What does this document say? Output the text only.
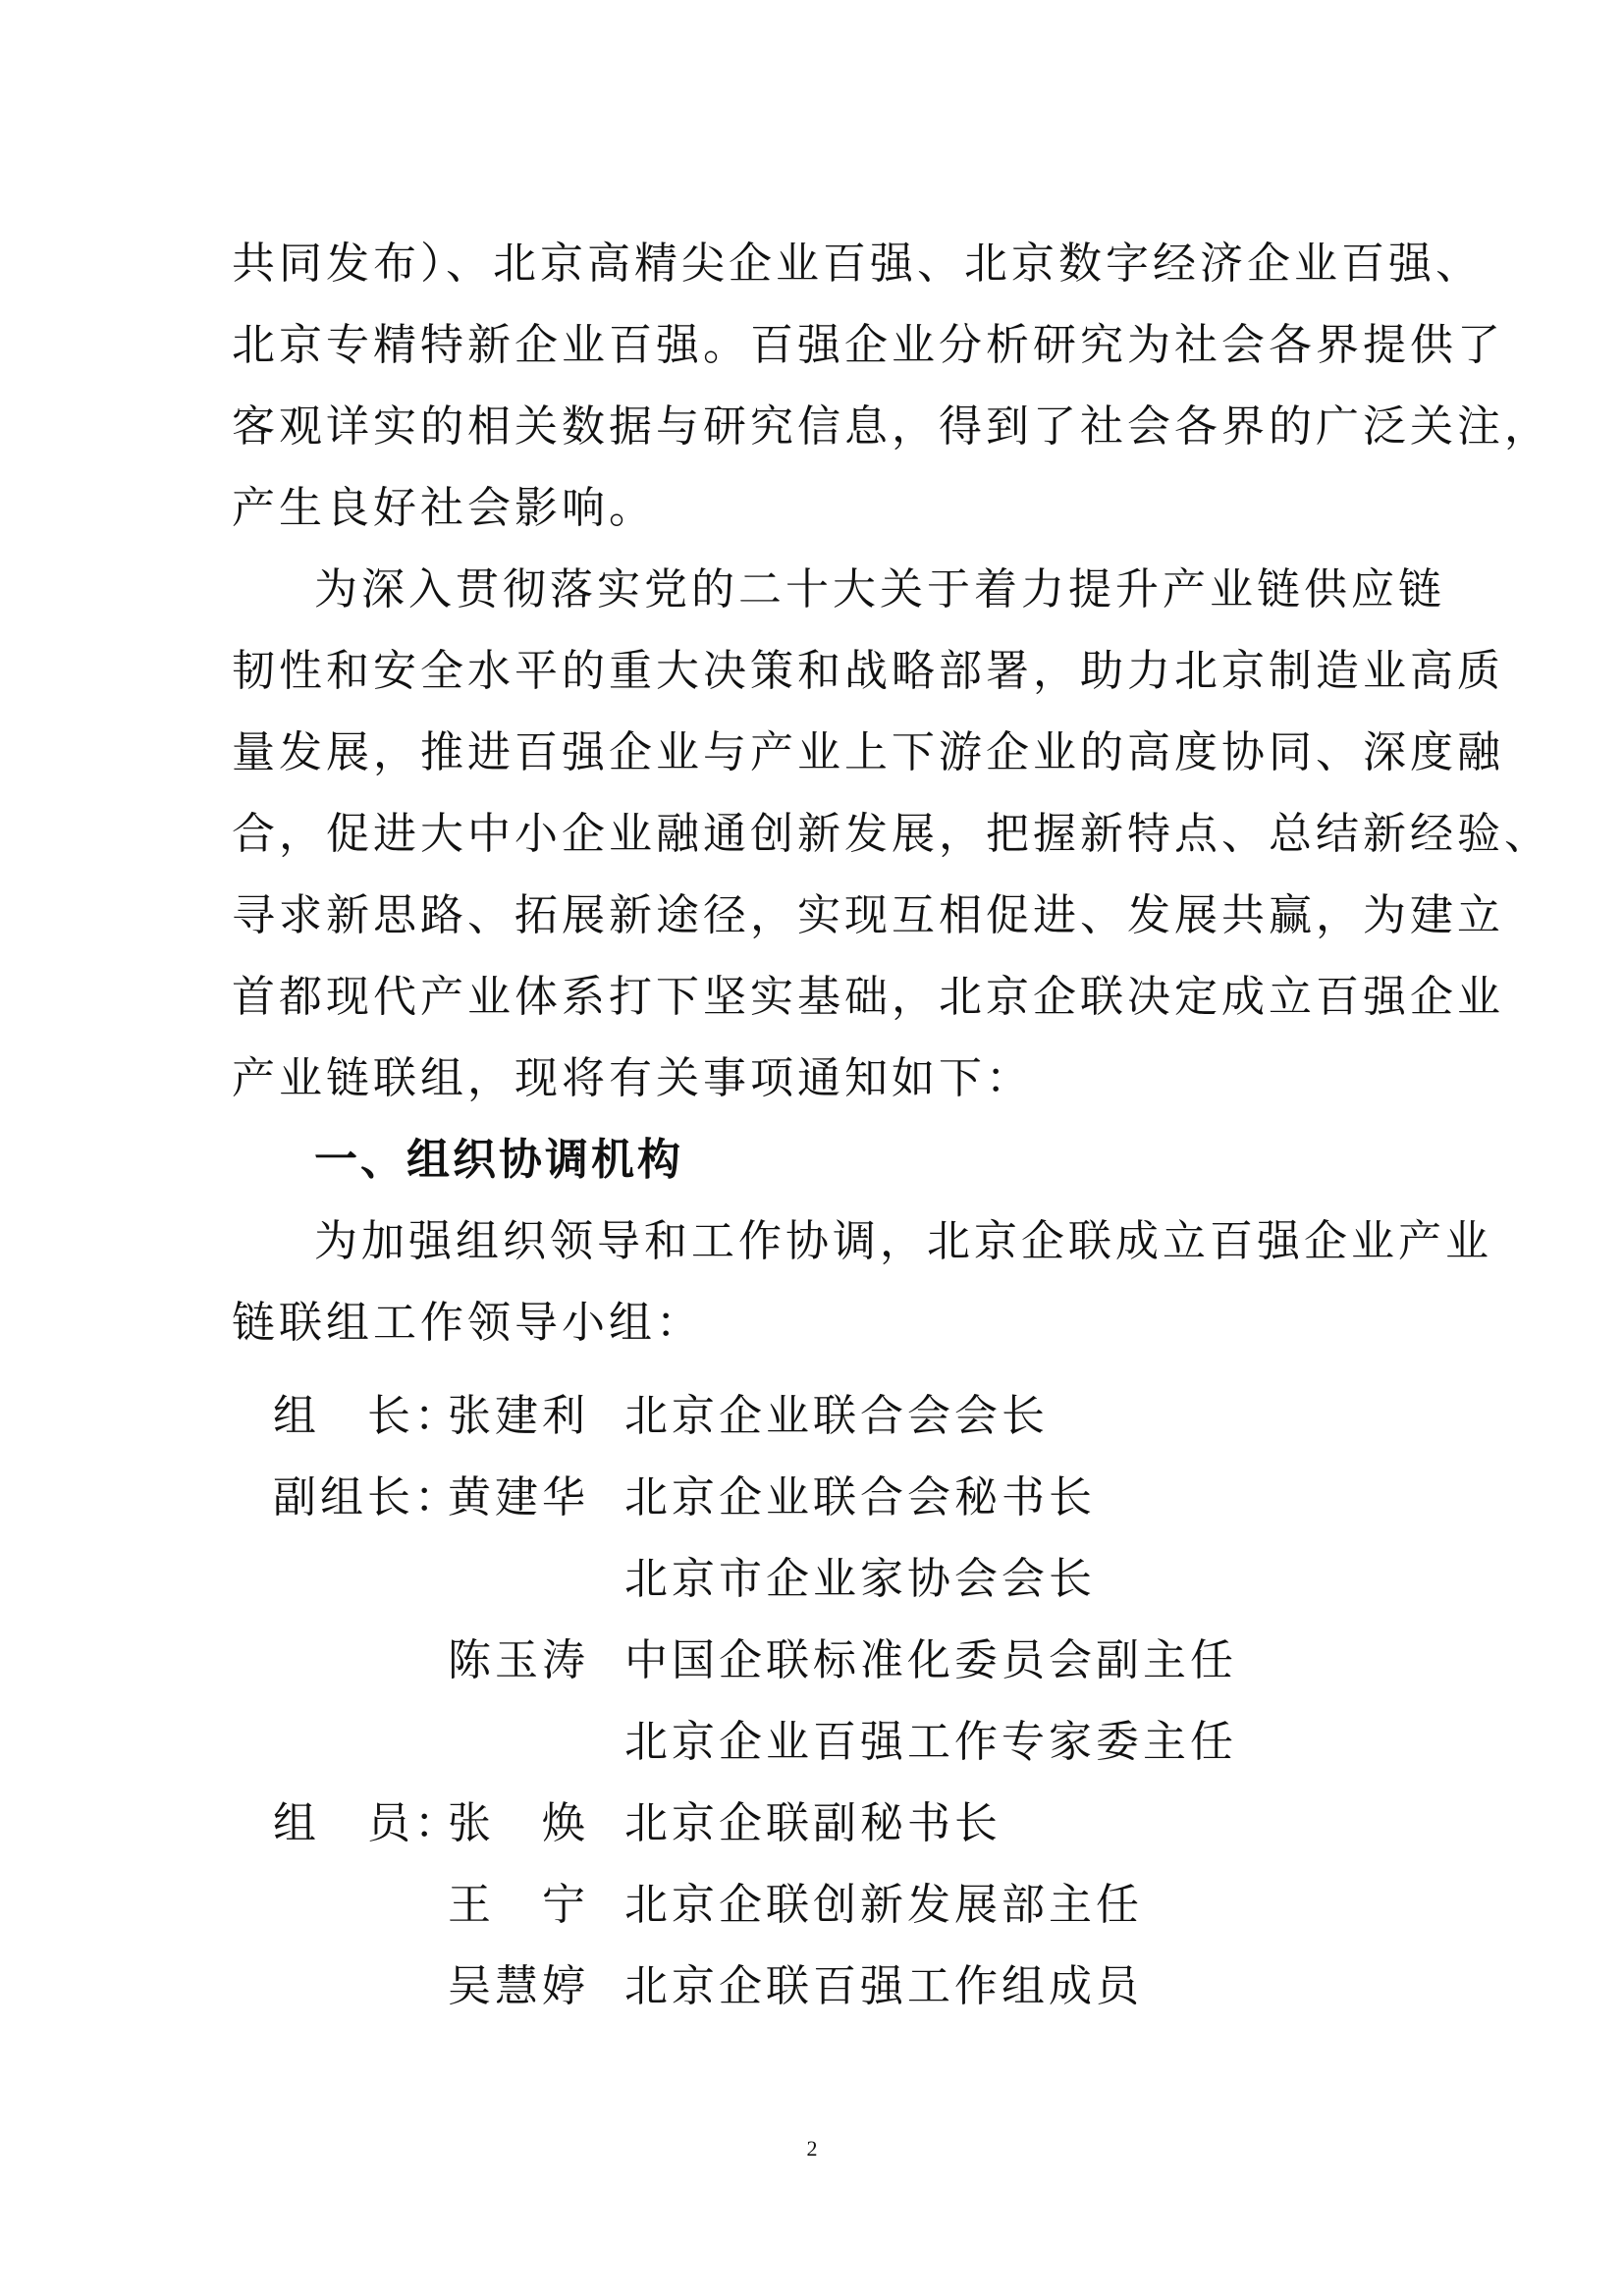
共同发布）、北京高精尖企业百强、北京数字经济企业百强、
北京专精特新企业百强。百强企业分析研究为社会各界提供了
客观详实的相关数据与研究信息，得到了社会各界的广泛关注，
产生良好社会影响。
为深入贯彻落实党的二十大关于着力提升产业链供应链
韧性和安全水平的重大决策和战略部署，助力北京制造业高质
量发展，推进百强企业与产业上下游企业的高度协同、深度融
合，促进大中小企业融通创新发展，把握新特点、总结新经验、
寻求新思路、拓展新途径，实现互相促进、发展共赢，为建立
首都现代产业体系打下坚实基础，北京企联决定成立百强企业
产业链联组，现将有关事项通知如下：
一、组织协调机构
为加强组织领导和工作协调，北京企联成立百强企业产业
链联组工作领导小组：
组　长：
张建利 北京企业联合会会长
副组长：
黄建华 北京企业联合会秘书长
北京市企业家协会会长
陈玉涛 中国企联标准化委员会副主任
北京企业百强工作专家委主任
组　员：
张　焕 北京企联副秘书长
王　宁 北京企联创新发展部主任
吴慧婷 北京企联百强工作组成员
2
